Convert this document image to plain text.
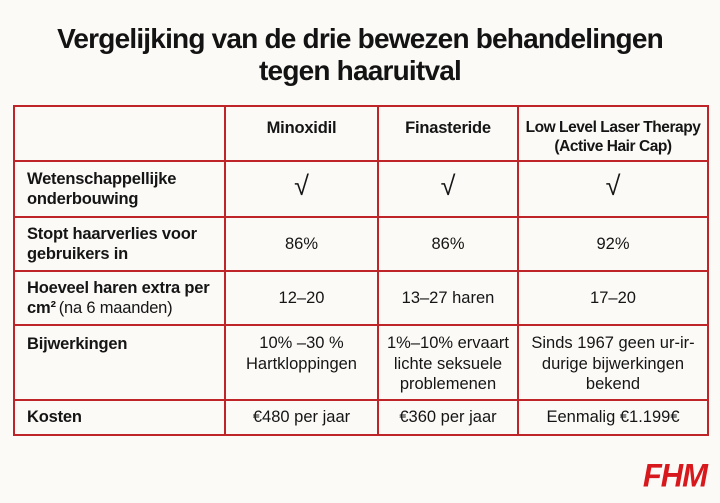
Vergelijking van de drie bewezen behandelingen
tegen haaruitval
	Minoxidil	Finasteride	Low Level Laser Therapy
(Active Hair Cap)

Wetenschappellijke onderbouwing	√	√	√
Stopt haarverlies voor gebruikers in	86%	86%	92%
Hoeveel haren extra per cm² (na 6 maanden)	12–20	13–27 haren	17–20
Bijwerkingen	10% –30 % Hartkloppingen	1%–10% ervaart lichte seksuele problemenen	Sinds 1967 geen ur-ir-durige bijwerkingen bekend
Kosten	€480 per jaar	€360 per jaar	Eenmalig €1.199€
FHM
